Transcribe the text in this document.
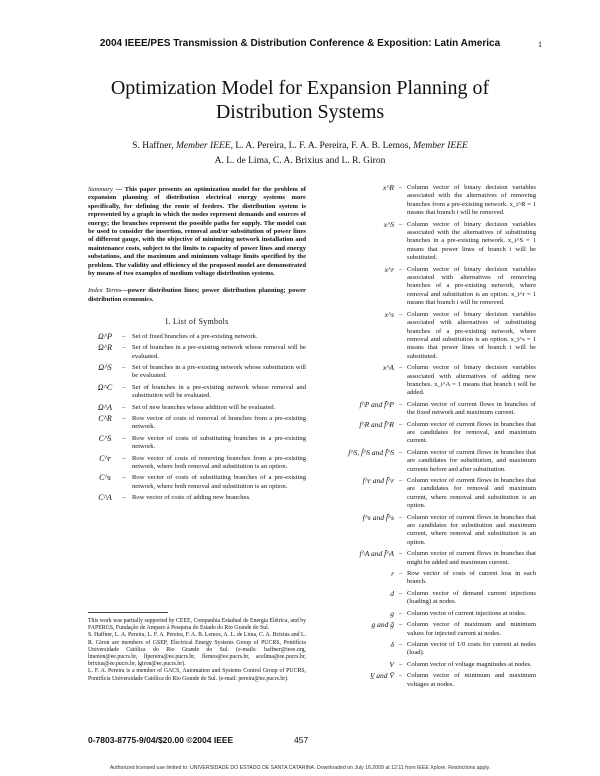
2004 IEEE/PES Transmission & Distribution Conference & Exposition: Latin America	1
Optimization Model for Expansion Planning of
Distribution Systems
S. Haffner, Member IEEE, L. A. Pereira, L. F. A. Pereira, F. A. B. Lemos, Member IEEE
A. L. de Lima, C. A. Brixius and L. R. Giron
Summary — This paper presents an optimization model for the problem of expansion planning of distribution electrical energy systems more specifically, for defining the route of feeders. The distribution system is represented by a graph in which the nodes represent demands and sources of energy; the branches represent the possible paths for supply. The model can be used to consider the insertion, removal and/or substitution of power lines of different gauge, with the objective of minimizing network installation and maintenance costs, subject to the limits to capacity of power lines and energy substations, and the maximum and minimum voltage limits specified by the problem. The validity and efficiency of the proposed model are demonstrated by means of two examples of medium voltage distribution systems.
Index Terms—power distribution lines; power distribution planning; power distribution economics.
I. List of Symbols
Ω^P	–	Set of fixed branches of a pre-existing network.
Ω^R	–	Set of branches in a pre-existing network whose removal will be evaluated.
Ω^S	–	Set of branches in a pre-existing network whose substitution will be evaluated.
Ω^C	–	Set of branches in a pre-existing network whose removal and substitution will be evaluated.
Ω^A	–	Set of new branches whose addition will be evaluated.
C^R	–	Row vector of costs of removal of branches from a pre-existing network.
C^S	–	Row vector of costs of substituting branches in a pre-existing network.
C^r	–	Row vector of costs of removing branches from a pre-existing network, where both removal and substitution is an option.
C^s	–	Row vector of costs of substituting branches of a pre-existing network, where both removal and substitution is an option.
C^A	–	Row vector of costs of adding new branches.
This work was partially supported by CEEE, Companhia Estadual de Energia Elétrica, and by FAPERGS, Fundação de Amparo à Pesquisa do Estado do Rio Grande do Sul.
S. Haffner, L. A. Pereira, L. F. A. Pereira, F. A. B. Lemos, A. L. de Lima, C. A. Brixius and L. R. Giron are members of GSEP, Electrical Energy Systems Group of PUCRS, Pontifícia Universidade Católica do Rio Grande do Sul. (e-mails: haffner@ieee.org, lmenon@ee.pucrs.br, lfpereira@ee.pucrs.br, flemos@ee.pucrs.br, acelima@ee.pucrs.br, brixius@ee.pucrs.br, lgiron@ee.pucrs.br).
L. F. A. Pereira is a member of GACS, Automation and Systems Control Group of PUCRS, Pontifícia Universidade Católica do Rio Grande do Sul. (e-mail: pereira@ee.pucrs.br).
x^R – Column vector of binary decision variables associated with the alternatives of removing branches from a pre-existing network. x_i^R = 1 means that branch i will be removed.
x^S – Column vector of binary decision variables associated with the alternatives of substituting branches in a pre-existing network. x_i^S = 1 means that power lines of branch i will be substituted.
x^r – Column vector of binary decision variables associated with alternatives of removing branches of a pre-existing network, where removal and substitution is an option. x_i^r = 1 means that branch i will be removed.
x^s – Column vector of binary decision variables associated with alternatives of substituting branches of a pre-existing network, where removal and substitution is an option. x_i^s = 1 means that power lines of branch i will be substituted.
x^A – Column vector of binary decision variables associated with alternatives of adding new branches. x_i^A = 1 means that branch i will be added.
f^P and f̄^P – Column vector of current flows in branches of the fixed network and maximum current.
f^R and f̄^R – Column vector of current flows in branches that are candidates for removal, and maximum current.
f^S, f̃^S and f̄^S – Column vector of current flows in branches that are candidates for substitution, and maximum currents before and after substitution.
f^r and f̄^r – Column vector of current flows in branches that are candidates for removal and maximum current, where removal and substitution is an option.
f^s and f̄^s – Column vector of current flows in branches that are candidates for substitution and maximum current, where removal and substitution is an option.
f^A and f̄^A – Column vector of current flows in branches that might be added and maximum current.
r – Row vector of costs of current loss in each branch.
d – Column vector of demand current injections (loading) at nodes.
g – Column vector of current injections at nodes.
g and ḡ – Column vector of maximum and minimum values for injected current at nodes.
δ – Column vector of 1/0 costs for current at nodes (load).
V – Column vector of voltage magnitudes at nodes.
V̲ and V̄ – Column vector of minimum and maximum voltages at nodes.
0-7803-8775-9/04/$20.00 ©2004 IEEE	457
Authorized licensed use limited to: UNIVERSIDADE DO ESTADO DE SANTA CATARINA. Downloaded on July 16,2009 at 12:11 from IEEE Xplore. Restrictions apply.
